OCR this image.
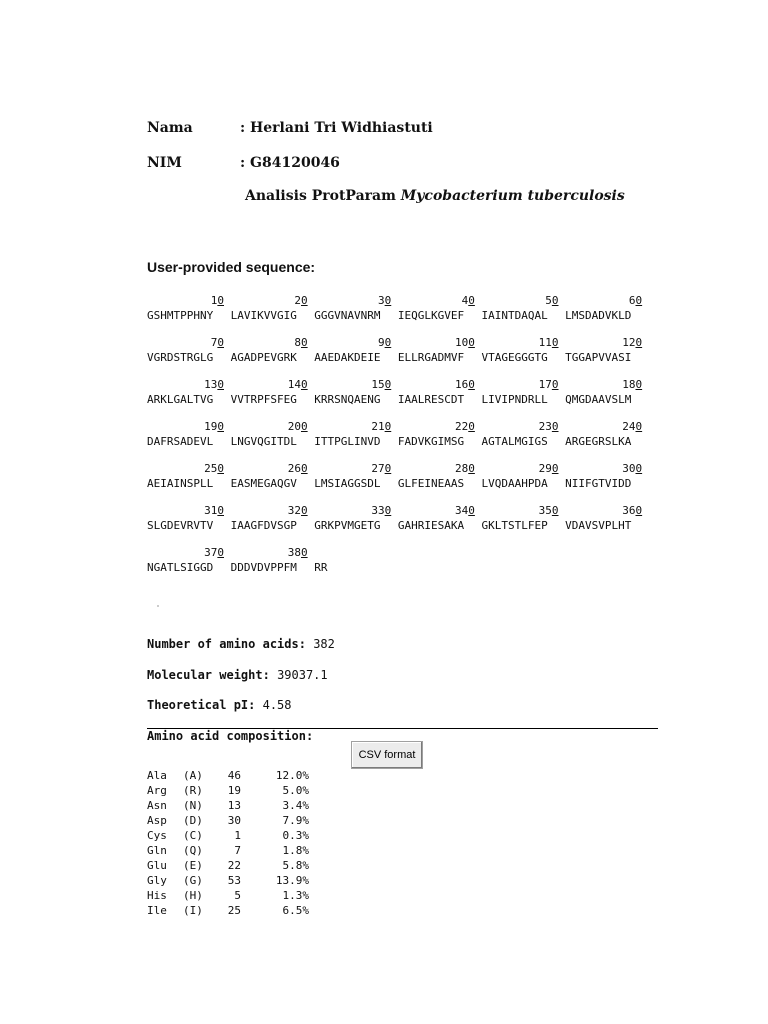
Nama	: Herlani Tri Widhiastuti
NIM	: G84120046
Analisis ProtParam Mycobacterium tuberculosis
User-provided sequence:
10	20	30	40	50	60
GSHMTPPHNY LAVIKVVGIG GGGVNAVNRM IEQGLKGVEF IAINTDAQAL LMSDADVKLD
70	80	90	100	110	120
VGRDSTRGLG AGADPEVGRK AAEDAKDEIE ELLRGADMVF VTAGEGGGTG TGGAPVVASI
130	140	150	160	170	180
ARKLGALTVG VVTRPFSFEG KRRSNQAENG IAALRESCDT LIVIPNDRLL QMGDAAVSLM
190	200	210	220	230	240
DAFRSADEVL LNGVQGITDL ITTPGLINVD FADVKGIMSG AGTALMGIGS ARGEGRSLKA
250	260	270	280	290	300
AEIAINSPLL EASMEGAQGV LMSIAGGSDL GLFEINEAAS LVQDAAHPDA NIIFGTVIDD
310	320	330	340	350	360
SLGDEVRVTV IAAGFDVSGP GRKPVMGETG GAHRIESAKA GKLTSTLFEP VDAVSVPLHT
370	380
NGATLSIGGD DDDVDVPPFM RR
Number of amino acids: 382
Molecular weight: 39037.1
Theoretical pI: 4.58
Amino acid composition:
CSV format
Ala	(A)	46	12.0%
Arg	(R)	19	5.0%
Asn	(N)	13	3.4%
Asp	(D)	30	7.9%
Cys	(C)	1	0.3%
Gln	(Q)	7	1.8%
Glu	(E)	22	5.8%
Gly	(G)	53	13.9%
His	(H)	5	1.3%
Ile	(I)	25	6.5%
